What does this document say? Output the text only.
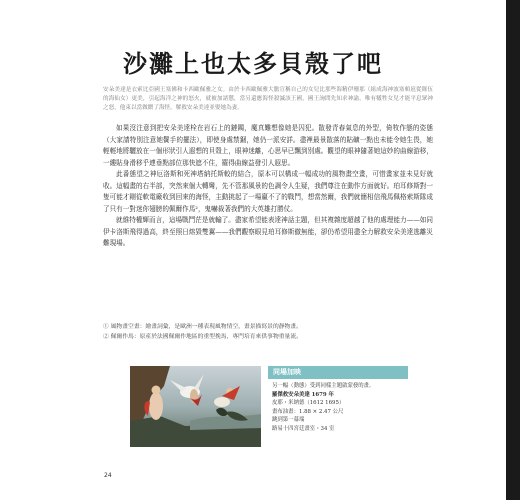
沙灘上也太多貝殼了吧
安朵美達是衣索比亞國王塞佛和卡西歐佩雅之女。由於卡西歐佩雅大膽宣稱自己的女兒比那些海精伊珊那（組成海神波塞頓扈從隊伍的海仙女）更美，引起海洋之神的怒火，就被加諸懲，當另還應海怪殺滅該王國，國王詢問先知求神諭，唯有犧牲女兒才能平息眾神之怒，他束以當做餵了海怪，解救安朵美達並娶她為妻。

如果沒注意到把安朵美達栓在岩石上的鏈鐲，魔真難想像她是囚犯。散發青春氣息的外型，倚牧作態的姿態（大家請特別注意她鬢手的擺法），即使身處禁錮，她仍一派安詳。盡裡最景散落的貼礦一點也未能令她生畏，她輕輕地將驪放在一個形狀引人遐想的貝殼上，眼神迷離，心思早已飄到別處。觀望的眼神隨著她這妙的曲線游移，一縷貼身滑移乎連垂點部位那快遮不住，羅得曲線益發引人遐思。

此番態望之神厄洛斯和死神塔納托斯較的結合，原本可以構成一幅成功的風物畫空畫，可惜畫家並未見好就收。這幅畫的右半部，突然來個大轉彎，先不管那風景的色調令人生疑，我們尊注在動作方面就好。珀耳修斯對一隻可能才剛從軟電廠收到回來的海怪，主動挑起了一場羸不了的戰鬥，想當然爾，我們就簡相信飛馬佩格索斯隊成了只有一對迷你翅膀的佩爾作馬²，鬼嚇裁著我們的大英雄打勝仗。

就維特權輝而言，這場戰鬥茫是就輸了。盡家希望能表達神話主題，但其複雜度超越了他的處理能力——如同伊卡洛斯飛得過高，終至照日熔毀雙翼——我們觀察眼見珀耳修斯徹無能，卻仍希望用盡全力解救安朵美達逃離災難現場。

① 風物畫空畫：繪畫詞彙，是歐洲一種表現風物情空，畫景描寫景的靜物畫。
② 佩爾作馬：原產於法國佩爾作地區的重型挽馬，專門培育來供事物重量流。
同場加映
另一幅（動態）受到同樣主題啟蒙發的畫。
羅傑救安朵美達 1679 年
皮耶・米納德（1612 1695）
畫布油畫：1.88 × 2.47 公尺
跳到第一幕端
路易十四宮廷畫室・34 室
24
